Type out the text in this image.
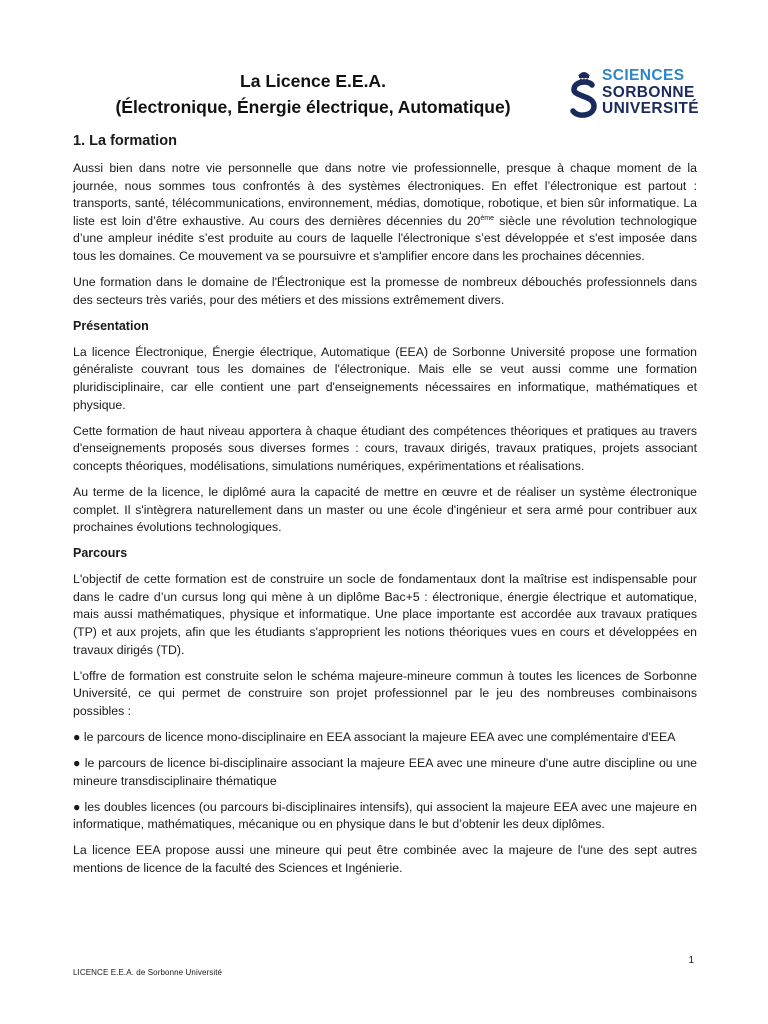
La Licence E.E.A.
(Électronique, Énergie électrique, Automatique)
SCIENCES
SORBONNE
UNIVERSITÉ
1. La formation

Aussi bien dans notre vie personnelle que dans notre vie professionnelle, presque à chaque moment de la journée, nous sommes tous confrontés à des systèmes électroniques. En effet l’électronique est partout : transports, santé, télécommunications, environnement, médias, domotique, robotique, et bien sûr informatique. La liste est loin d’être exhaustive. Au cours des dernières décennies du 20ème siècle une révolution technologique d’une ampleur inédite s’est produite au cours de laquelle l'électronique s’est développée et s'est imposée dans tous les domaines. Ce mouvement va se poursuivre et s'amplifier encore dans les prochaines décennies.

Une formation dans le domaine de l'Électronique est la promesse de nombreux débouchés professionnels dans des secteurs très variés, pour des métiers et des missions extrêmement divers.

Présentation

La licence Électronique, Énergie électrique, Automatique (EEA) de Sorbonne Université propose une formation généraliste couvrant tous les domaines de l'électronique. Mais elle se veut aussi comme une formation pluridisciplinaire, car elle contient une part d'enseignements nécessaires en informatique, mathématiques et physique.

Cette formation de haut niveau apportera à chaque étudiant des compétences théoriques et pratiques au travers d'enseignements proposés sous diverses formes : cours, travaux dirigés, travaux pratiques, projets associant concepts théoriques, modélisations, simulations numériques, expérimentations et réalisations.

Au terme de la licence, le diplômé aura la capacité de mettre en œuvre et de réaliser un système électronique complet. Il s'intègrera naturellement dans un master ou une école d'ingénieur et sera armé pour contribuer aux prochaines évolutions technologiques.

Parcours

L'objectif de cette formation est de construire un socle de fondamentaux dont la maîtrise est indispensable pour dans le cadre d’un cursus long qui mène à un diplôme Bac+5 : électronique, énergie électrique et automatique, mais aussi mathématiques, physique et informatique. Une place importante est accordée aux travaux pratiques (TP) et aux projets, afin que les étudiants s'approprient les notions théoriques vues en cours et développées en travaux dirigés (TD).

L'offre de formation est construite selon le schéma majeure-mineure commun à toutes les licences de Sorbonne Université, ce qui permet de construire son projet professionnel par le jeu des nombreuses combinaisons possibles :

● le parcours de licence mono-disciplinaire en EEA associant la majeure EEA avec une complémentaire d'EEA

● le parcours de licence bi-disciplinaire associant la majeure EEA avec une mineure d'une autre discipline ou une mineure transdisciplinaire thématique

● les doubles licences (ou parcours bi-disciplinaires intensifs), qui associent la majeure EEA avec une majeure en informatique, mathématiques, mécanique ou en physique dans le but d’obtenir les deux diplômes.

La licence EEA propose aussi une mineure qui peut être combinée avec la majeure de l'une des sept autres mentions de licence de la faculté des Sciences et Ingénierie.

1
LICENCE E.E.A. de Sorbonne Université
